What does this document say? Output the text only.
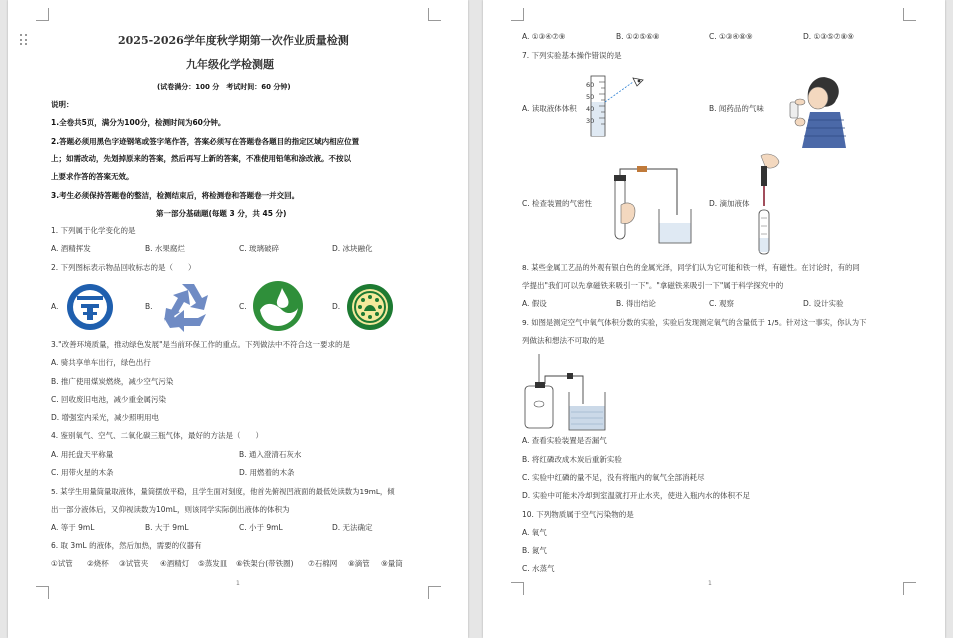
2025-2026学年度秋学期第一次作业质量检测
九年级化学检测题
(试卷满分：100 分　考试时间：60 分钟)
说明：
1.全卷共5页，满分为100分，检测时间为60分钟。
2.答题必须用黑色字迹钢笔或签字笔作答，答案必须写在答题卷各题目的指定区域内相应位置
上；如需改动，先划掉原来的答案，然后再写上新的答案，不准使用铅笔和涂改液。不按以
上要求作答的答案无效。
3.考生必须保持答题卷的整洁，检测结束后，将检测卷和答题卷一并交回。
第一部分基础题(每题 3 分，共 45 分)
1. 下列属于化学变化的是
A. 酒精挥发	B. 水果腐烂	C. 玻璃破碎	D. 冰块融化
2. 下列图标表示物品回收标志的是（　　）
A.	B.	C.	D.
3."改善环境质量，推动绿色发展"是当前环保工作的重点。下列做法中不符合这一要求的是
A. 骑共享单车出行，绿色出行
B. 推广使用煤炭燃烧，减少空气污染
C. 回收废旧电池，减少重金属污染
D. 增强室内采光，减少照明用电
4. 鉴别氧气、空气、二氧化碳三瓶气体，最好的方法是（　　）
A. 用托盘天平称量	B. 通入澄清石灰水
C. 用带火星的木条	D. 用燃着的木条
5. 某学生用量筒量取液体，量筒摆放平稳，且学生面对刻度，他首先俯视凹液面的最低处读数为19mL，倾
出一部分液体后，又仰视读数为10mL，则该同学实际倒出液体的体积为
A. 等于 9mL	B. 大于 9mL	C. 小于 9mL	D. 无法确定
6. 取 3mL 的液体，然后加热，需要的仪器有
①试管 ②烧杯 ③试管夹 ④酒精灯 ⑤蒸发皿 ⑥铁架台(带铁圈) ⑦石棉网 ⑧滴管 ⑨量筒
1
A. ①③④⑦⑨	B. ①②⑤⑥⑧	C. ①③④⑧⑨	D. ①③⑤⑦⑧⑨
7. 下列实验基本操作错误的是
60
50
40
30
A. 读取液体体积	B. 闻药品的气味
C. 检查装置的气密性	D. 滴加液体
8. 某些金属工艺品的外观有银白色的金属光泽，同学们认为它可能和铁一样，有磁性。在讨论时，有的同
学提出"我们可以先拿磁铁来吸引一下"。"拿磁铁来吸引一下"属于科学探究中的
A. 假设	B. 得出结论	C. 观察	D. 设计实验
9. 如图是测定空气中氧气体积分数的实验，实验后发现测定氧气的含量低于 1/5。针对这一事实，你认为下
列做法和想法不可取的是
A. 查看实验装置是否漏气
B. 将红磷改成木炭后重新实验
C. 实验中红磷的量不足，没有将瓶内的氧气全部消耗尽
D. 实验中可能未冷却到室温就打开止水夹，使进入瓶内水的体积不足
10. 下列物质属于空气污染物的是
A. 氧气
B. 氮气
C. 水蒸气
1
